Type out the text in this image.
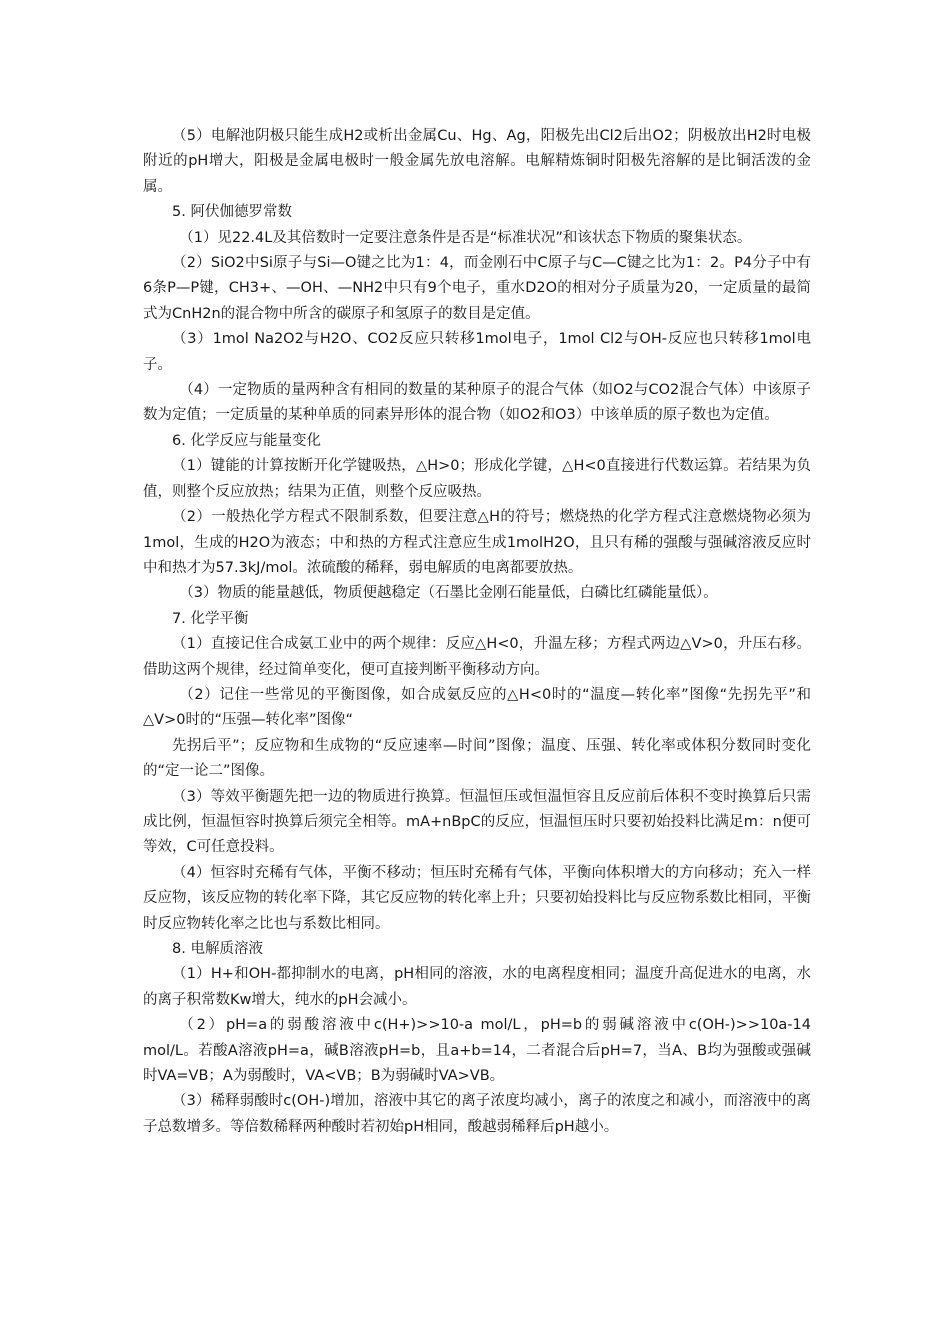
（5）电解池阴极只能生成H2或析出金属Cu、Hg、Ag，阳极先出Cl2后出O2；阴极放出H2时电极附近的pH增大，阳极是金属电极时一般金属先放电溶解。电解精炼铜时阳极先溶解的是比铜活泼的金属。

5. 阿伏伽德罗常数

（1）见22.4L及其倍数时一定要注意条件是否是“标准状况”和该状态下物质的聚集状态。

（2）SiO2中Si原子与Si—O键之比为1：4，而金刚石中C原子与C—C键之比为1：2。P4分子中有6条P—P键，CH3+、—OH、—NH2中只有9个电子，重水D2O的相对分子质量为20，一定质量的最简式为CnH2n的混合物中所含的碳原子和氢原子的数目是定值。

（3）1mol Na2O2与H2O、CO2反应只转移1mol电子，1mol Cl2与OH-反应也只转移1mol电子。

（4）一定物质的量两种含有相同的数量的某种原子的混合气体（如O2与CO2混合气体）中该原子数为定值；一定质量的某种单质的同素异形体的混合物（如O2和O3）中该单质的原子数也为定值。

6. 化学反应与能量变化

（1）键能的计算按断开化学键吸热，△H>0；形成化学键，△H<0直接进行代数运算。若结果为负值，则整个反应放热；结果为正值，则整个反应吸热。

（2）一般热化学方程式不限制系数，但要注意△H的符号；燃烧热的化学方程式注意燃烧物必须为1mol，生成的H2O为液态；中和热的方程式注意应生成1molH2O，且只有稀的强酸与强碱溶液反应时中和热才为57.3kJ/mol。浓硫酸的稀释，弱电解质的电离都要放热。

（3）物质的能量越低，物质便越稳定（石墨比金刚石能量低，白磷比红磷能量低）。

7. 化学平衡

（1）直接记住合成氨工业中的两个规律：反应△H<0，升温左移；方程式两边△V>0，升压右移。借助这两个规律，经过简单变化，便可直接判断平衡移动方向。

（2）记住一些常见的平衡图像，如合成氨反应的△H<0时的“温度—转化率”图像“先拐先平”和△V>0时的“压强—转化率”图像“

先拐后平”；反应物和生成物的“反应速率—时间”图像；温度、压强、转化率或体积分数同时变化的“定一论二”图像。

（3）等效平衡题先把一边的物质进行换算。恒温恒压或恒温恒容且反应前后体积不变时换算后只需成比例，恒温恒容时换算后须完全相等。mA+nBpC的反应，恒温恒压时只要初始投料比满足m：n便可等效，C可任意投料。

（4）恒容时充稀有气体，平衡不移动；恒压时充稀有气体，平衡向体积增大的方向移动；充入一样反应物，该反应物的转化率下降，其它反应物的转化率上升；只要初始投料比与反应物系数比相同，平衡时反应物转化率之比也与系数比相同。

8. 电解质溶液

（1）H+和OH-都抑制水的电离，pH相同的溶液，水的电离程度相同；温度升高促进水的电离，水的离子积常数Kw增大，纯水的pH会减小。

（2）pH=a的弱酸溶液中c(H+)>>10-a mol/L，pH=b的弱碱溶液中c(OH-)>>10a-14 mol/L。若酸A溶液pH=a，碱B溶液pH=b，且a+b=14，二者混合后pH=7，当A、B均为强酸或强碱时VA=VB；A为弱酸时，VA<VB；B为弱碱时VA>VB。

（3）稀释弱酸时c(OH-)增加，溶液中其它的离子浓度均减小，离子的浓度之和减小，而溶液中的离子总数增多。等倍数稀释两种酸时若初始pH相同，酸越弱稀释后pH越小。
